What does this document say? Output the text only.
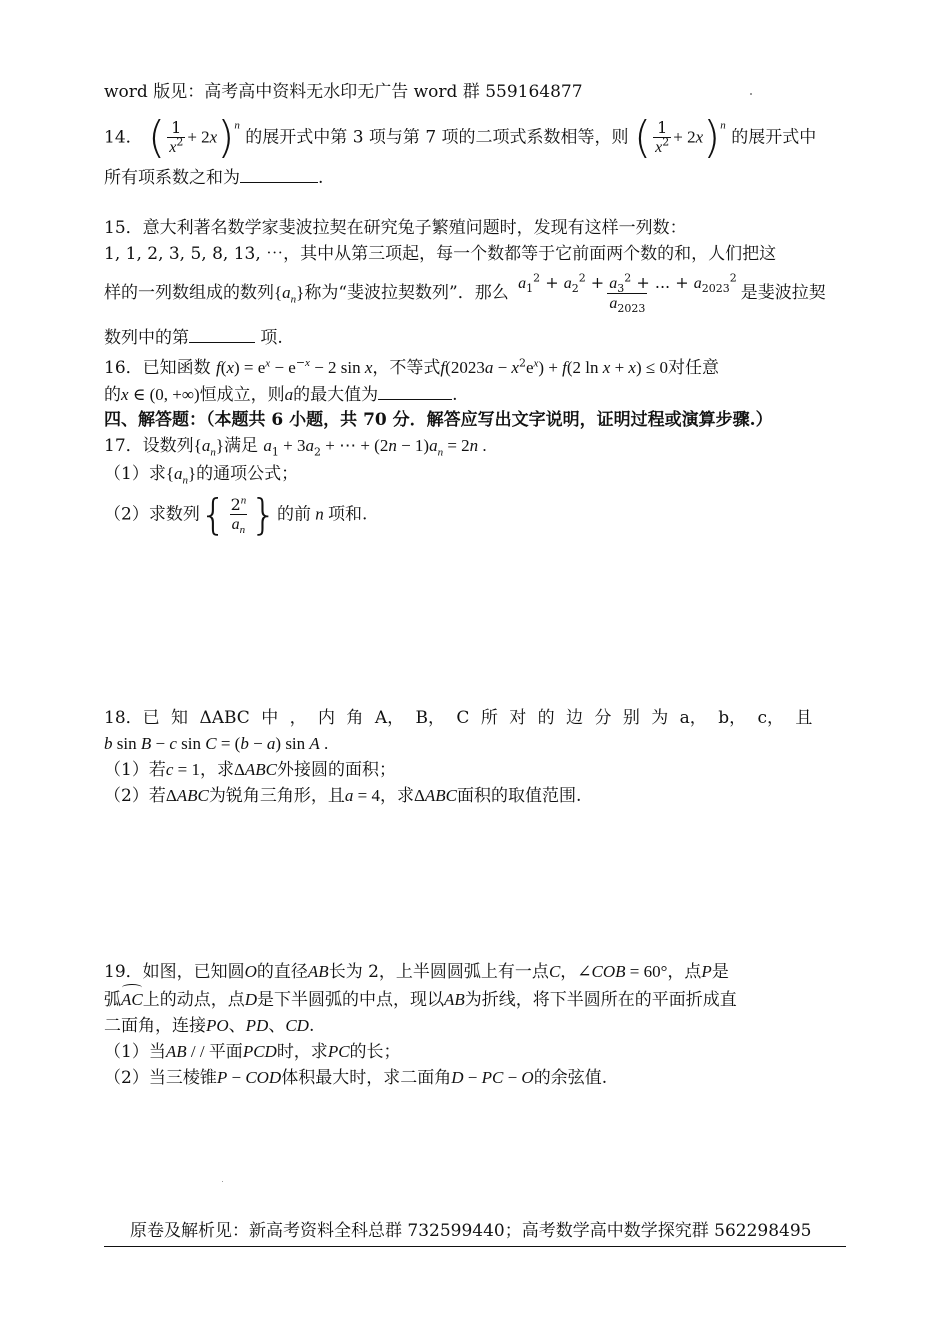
word 版见：高考高中资料无水印无广告 word 群 559164877
14． ( $\frac{1}{x^2} + 2x)^n$ 的展开式中第 3 项与第 7 项的二项式系数相等，则 ( $\frac{1}{x^2} + 2x)^n$ 的展开式中
所有项系数之和为	.
15．意大利著名数学家斐波拉契在研究兔子繁殖问题时，发现有这样一列数：
1, 1, 2, 3, 5, 8, 13, ⋯，其中从第三项起，每一个数都等于它前面两个数的和，人们把这
样的一列数组成的数列$\{a_n\}$称为“斐波拉契数列”．那么 $\frac{a_1^2 + a_2^2 + a_3^2 + ... + a_{2023}^2}{a_{2023}}$ 是斐波拉契
数列中的第	项.
16．已知函数 $f(x) = e^x - e^{-x} - 2$ sin x，不等式$f(2023a - x^2e^x) + f(2$ ln x + x) ≤ 0对任意
的x ∈ (0, +∞)恒成立，则a的最大值为	.
四、解答题：（本题共 6 小题，共 70 分．解答应写出文字说明，证明过程或演算步骤.）
17．设数列$\{a_n\}$满足 $a_1 + 3a_2$ + ⋯ + $(2n - 1)a_n = 2n$ .
（1）求$\{a_n\}$的通项公式；
（2）求数列{ $\frac{2^n}{a_n}$ }的前 n 项和.
18．已 知 ΔABC 中 ， 内 角 A， B， C 所 对 的 边 分 别 为 a， b， c， 且
b sin B − c sin C = (b − a) sin A .
（1）若c = 1，求ΔABC外接圆的面积；
（2）若ΔABC为锐角三角形，且a = 4，求ΔABC面积的取值范围.
19．如图，已知圆O的直径AB长为 2，上半圆圆弧上有一点C，∠COB = 60°，点P是
弧AC上的动点，点D是下半圆弧的中点，现以AB为折线，将下半圆所在的平面折成直
二面角，连接PO、PD、CD.
（1）当AB / / 平面PCD时，求PC的长；
（2）当三棱锥P − COD体积最大时，求二面角D − PC − O的余弦值.
原卷及解析见：新高考资料全科总群 732599440；高考数学高中数学探究群 562298495
